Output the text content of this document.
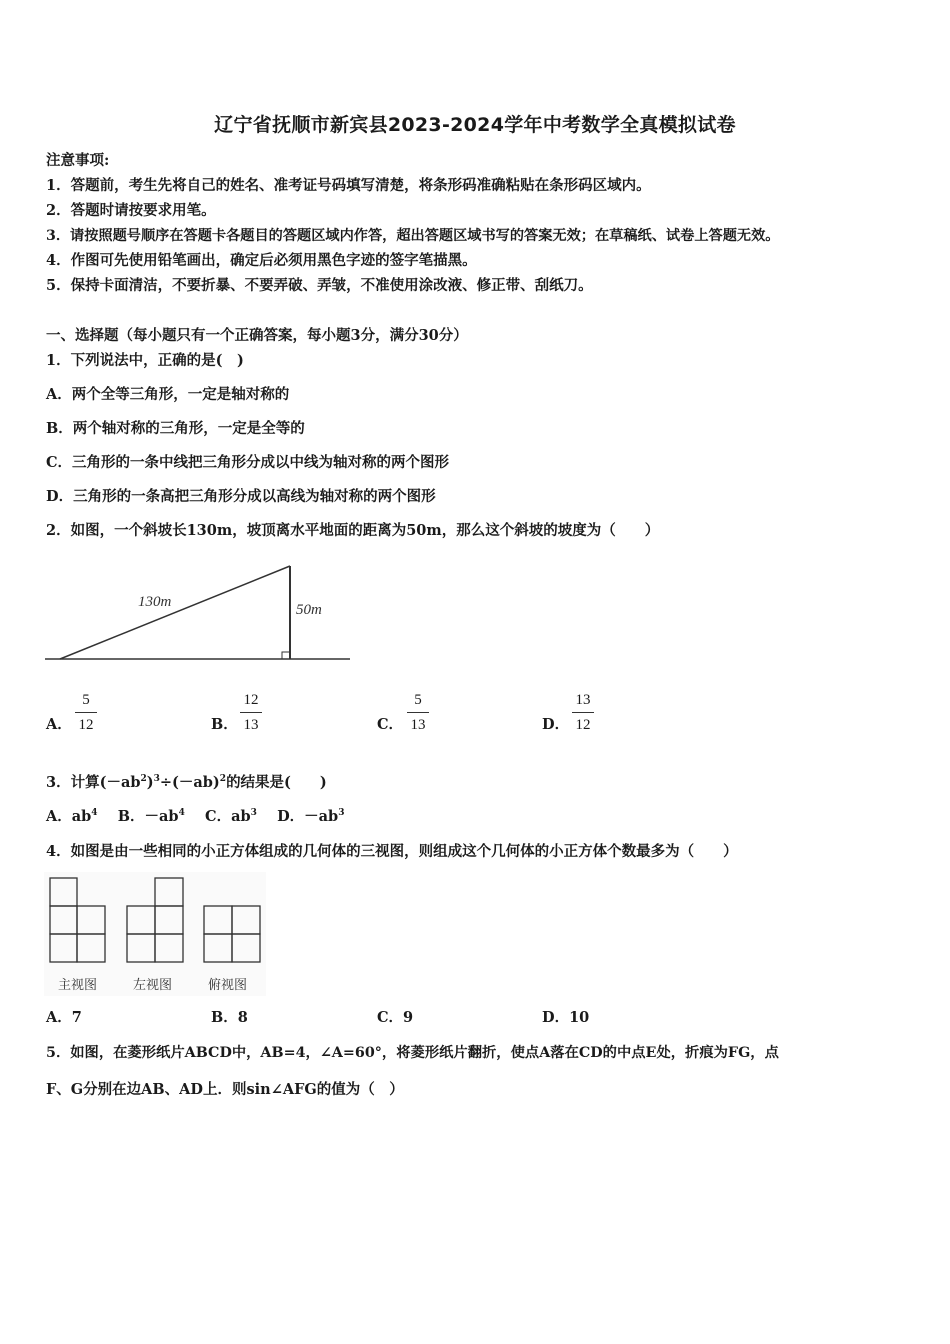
辽宁省抚顺市新宾县2023-2024学年中考数学全真模拟试卷
注意事项:
1．答题前，考生先将自己的姓名、准考证号码填写清楚，将条形码准确粘贴在条形码区域内。
2．答题时请按要求用笔。
3．请按照题号顺序在答题卡各题目的答题区域内作答，超出答题区域书写的答案无效；在草稿纸、试卷上答题无效。
4．作图可先使用铅笔画出，确定后必须用黑色字迹的签字笔描黑。
5．保持卡面清洁，不要折暴、不要弄破、弄皱，不准使用涂改液、修正带、刮纸刀。
一、选择题（每小题只有一个正确答案，每小题3分，满分30分）
1．下列说法中，正确的是(　)
A．两个全等三角形，一定是轴对称的
B．两个轴对称的三角形，一定是全等的
C．三角形的一条中线把三角形分成以中线为轴对称的两个图形
D．三角形的一条高把三角形分成以高线为轴对称的两个图形
2．如图，一个斜坡长130m，坡顶离水平地面的距离为50m，那么这个斜坡的坡度为（　　）
130m	50m
A．
5
12	B．
12
13	C．
5
13	D．
13
12
3．计算$(-ab^2)^3\div(-ab)^2$的结果是(　　)
A．$ab^4$ B．$-ab^4$ C．$ab^3$ D．$-ab^3$
4．如图是由一些相同的小正方体组成的几何体的三视图，则组成这个几何体的小正方体个数最多为（　　）
主视图	左视图	俯视图
A．7	B．8	C．9	D．10
5．如图，在菱形纸片ABCD中，AB=4，∠A=60°，将菱形纸片翻折，使点A落在CD的中点E处，折痕为FG，点
F、G分别在边AB、AD上．则sin∠AFG的值为（　）
